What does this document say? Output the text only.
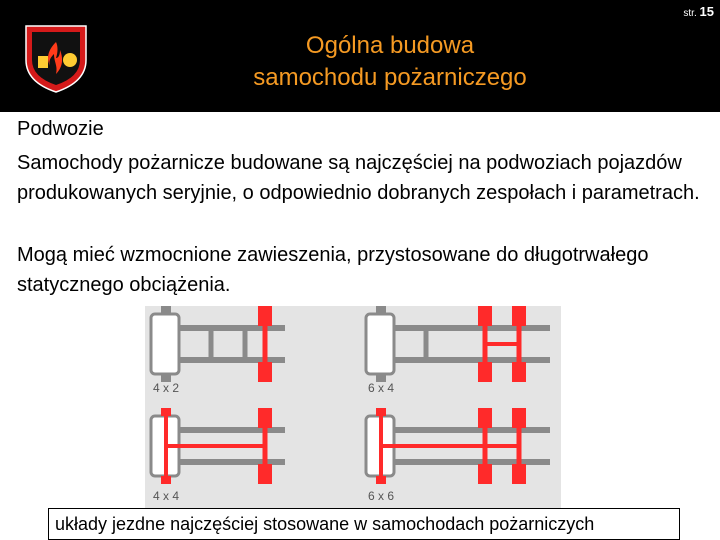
str. 15
Ogólna budowa
samochodu pożarniczego
Podwozie

Samochody pożarnicze budowane są najczęściej na podwoziach pojazdów produkowanych seryjnie, o odpowiednio dobranych zespołach i parametrach.

Mogą mieć wzmocnione zawieszenia, przystosowane do długotrwałego statycznego obciążenia.

4 x 2	6 x 4
4 x 4	6 x 6
układy jezdne najczęściej stosowane w samochodach pożarniczych
